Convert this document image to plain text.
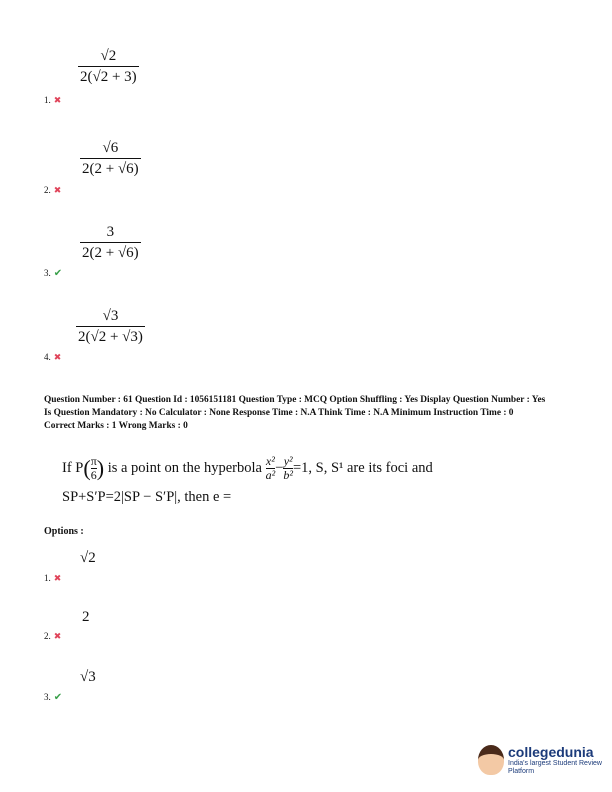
$\frac{√2}{2(√2 + 3)}$
1. ✖
$\frac{√6}{2(2 + √6)}$
2. ✖
$\frac{3}{2(2 + √6)}$
3. ✔
$\frac{√3}{2(√2 + √3)}$
4. ✖
Question Number : 61 Question Id : 1056151181 Question Type : MCQ Option Shuffling : Yes Display Question Number : Yes
Is Question Mandatory : No Calculator : None Response Time : N.A Think Time : N.A Minimum Instruction Time : 0
Correct Marks : 1 Wrong Marks : 0
If $P( \frac{\pi}{6}$ ) is a point on the hyperbola $\frac{\text{x²}}{\text{a²}} - \frac{\text{y²}}{\text{b²}} =1$, S, S¹ are its foci and
SP+S′P=2|SP − S′P|, then e =
Options :
√2
1. ✖
2
2. ✖
√3
3. ✔
collegedunia
India's largest Student Review Platform
